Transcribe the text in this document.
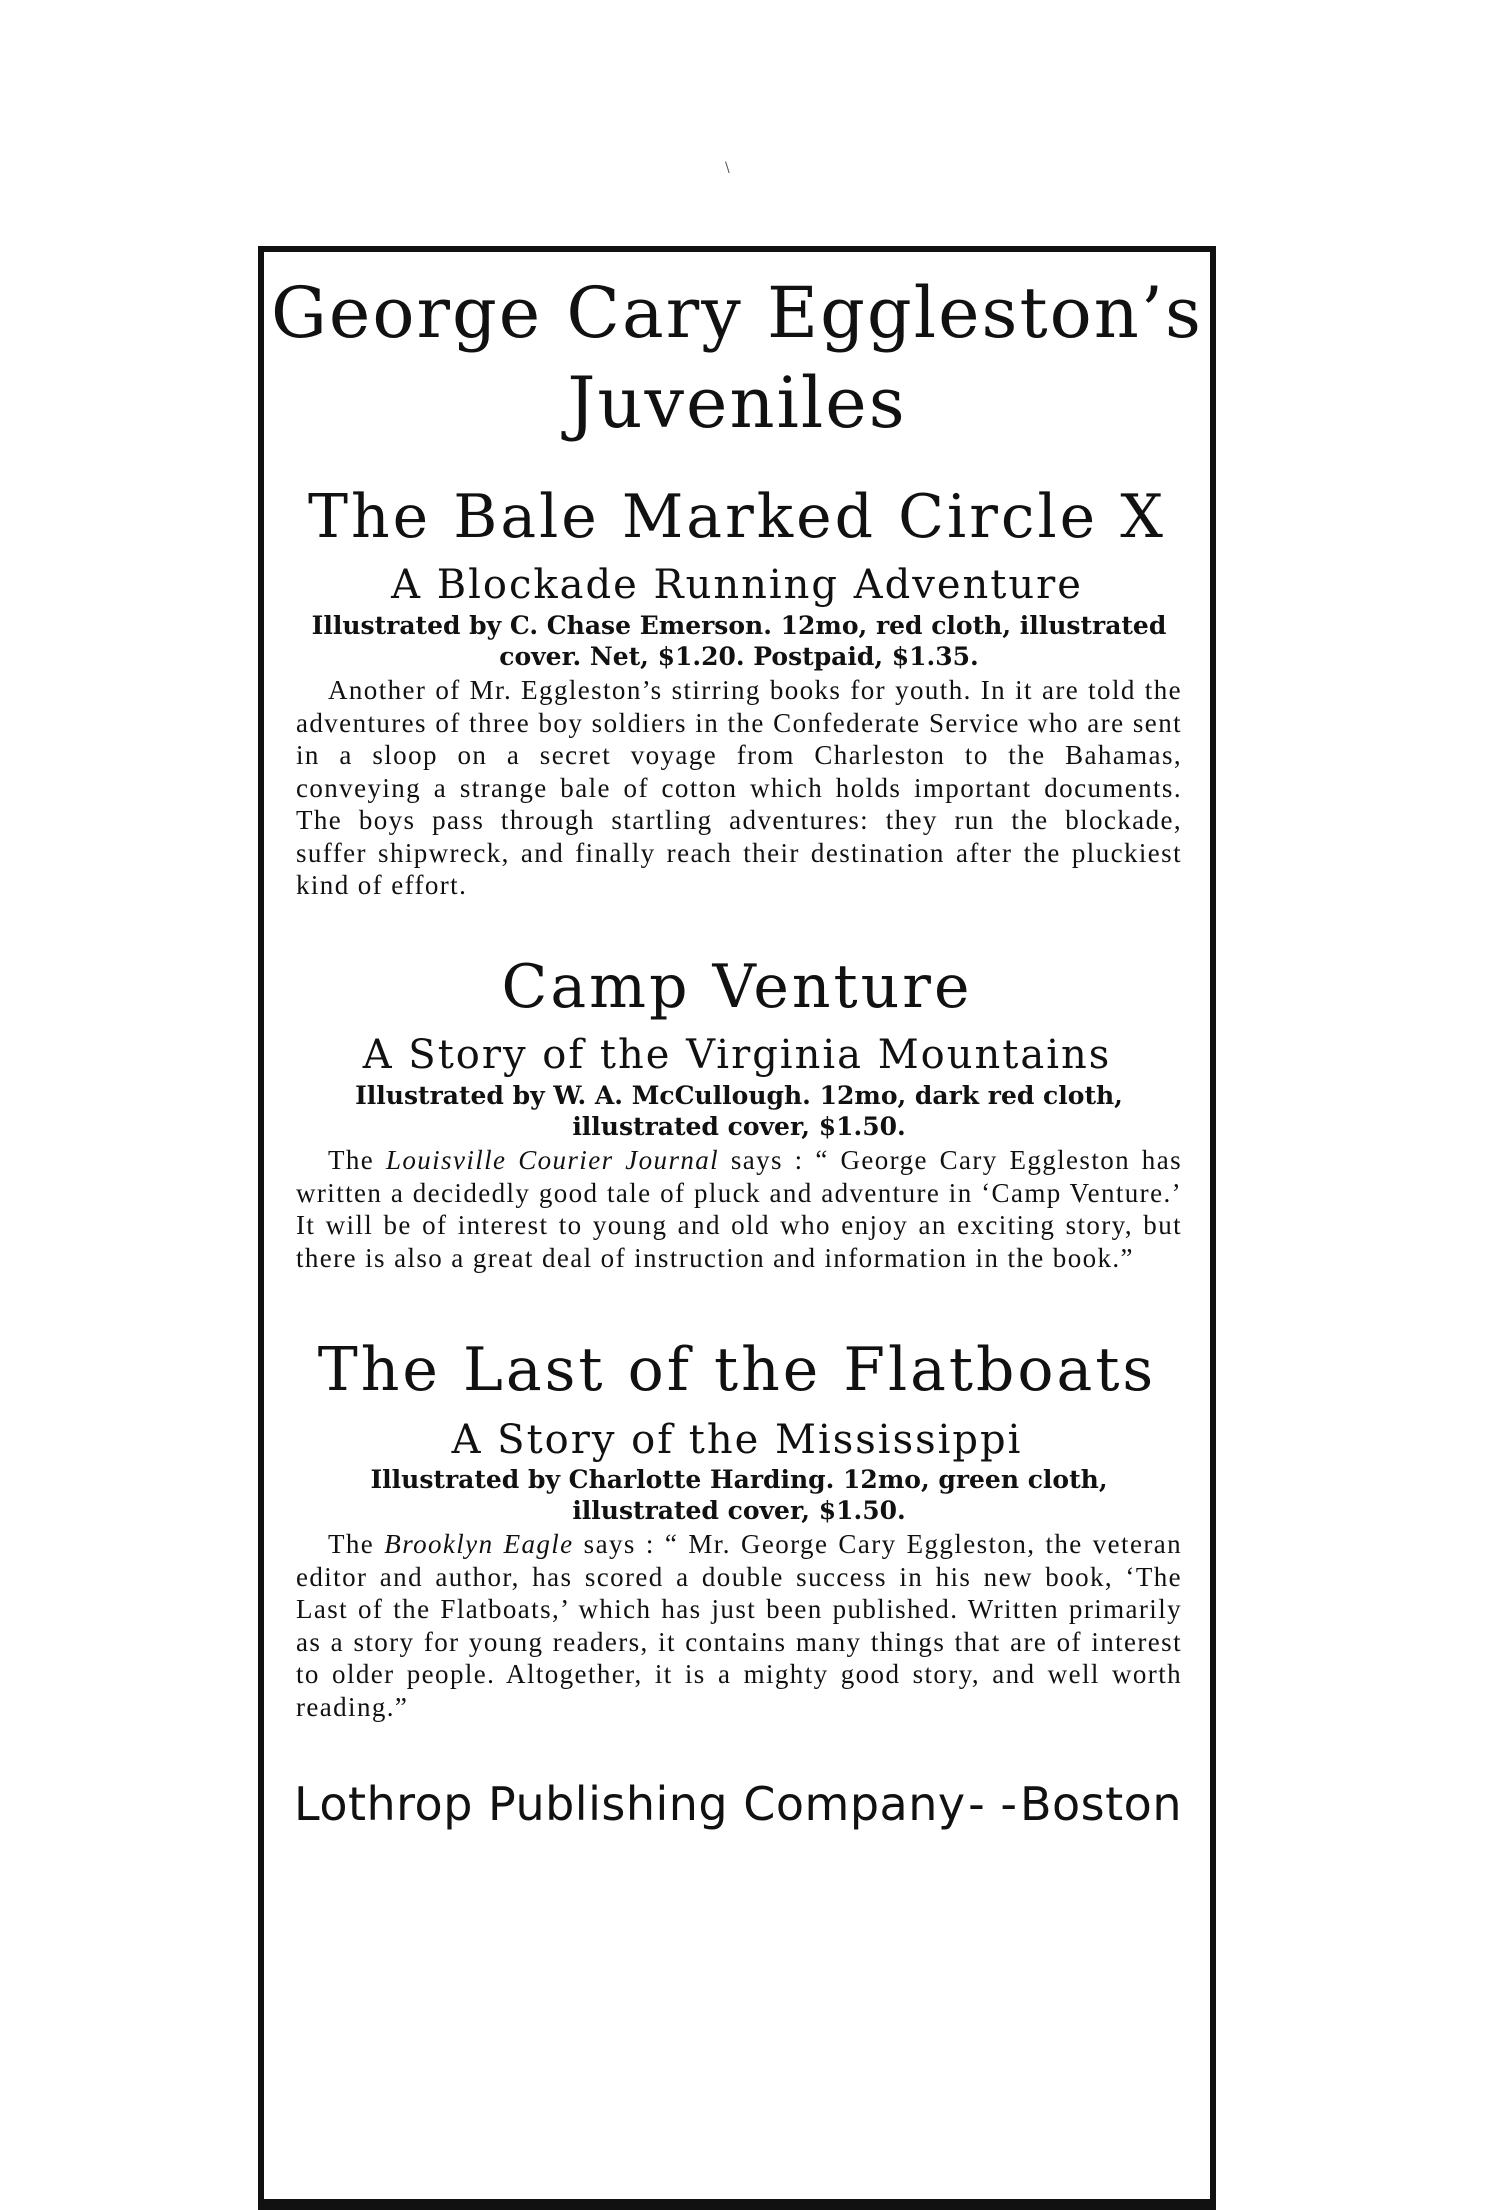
\
George Cary Eggleston’s
Juveniles
The Bale Marked Circle X
A Blockade Running Adventure

Illustrated by C. Chase Emerson. 12mo, red cloth, illustrated cover. Net, $1.20. Postpaid, $1.35.

Another of Mr. Eggleston’s stirring books for youth. In it are told the adventures of three boy soldiers in the Confederate Service who are sent in a sloop on a secret voyage from Charleston to the Bahamas, conveying a strange bale of cotton which holds important documents. The boys pass through startling adventures: they run the blockade, suffer shipwreck, and finally reach their destination after the pluckiest kind of effort.

Camp Venture
A Story of the Virginia Mountains

Illustrated by W. A. McCullough. 12mo, dark red cloth, illustrated cover, $1.50.

The Louisville Courier Journal says : “ George Cary Eggleston has written a decidedly good tale of pluck and adventure in ‘Camp Venture.’ It will be of interest to young and old who enjoy an exciting story, but there is also a great deal of instruction and information in the book.”

The Last of the Flatboats
A Story of the Mississippi

Illustrated by Charlotte Harding. 12mo, green cloth, illustrated cover, $1.50.

The Brooklyn Eagle says : “ Mr. George Cary Eggleston, the veteran editor and author, has scored a double success in his new book, ‘The Last of the Flatboats,’ which has just been published. Written primarily as a story for young readers, it contains many things that are of interest to older people. Altogether, it is a mighty good story, and well worth reading.”

Lothrop Publishing Company - - Boston
